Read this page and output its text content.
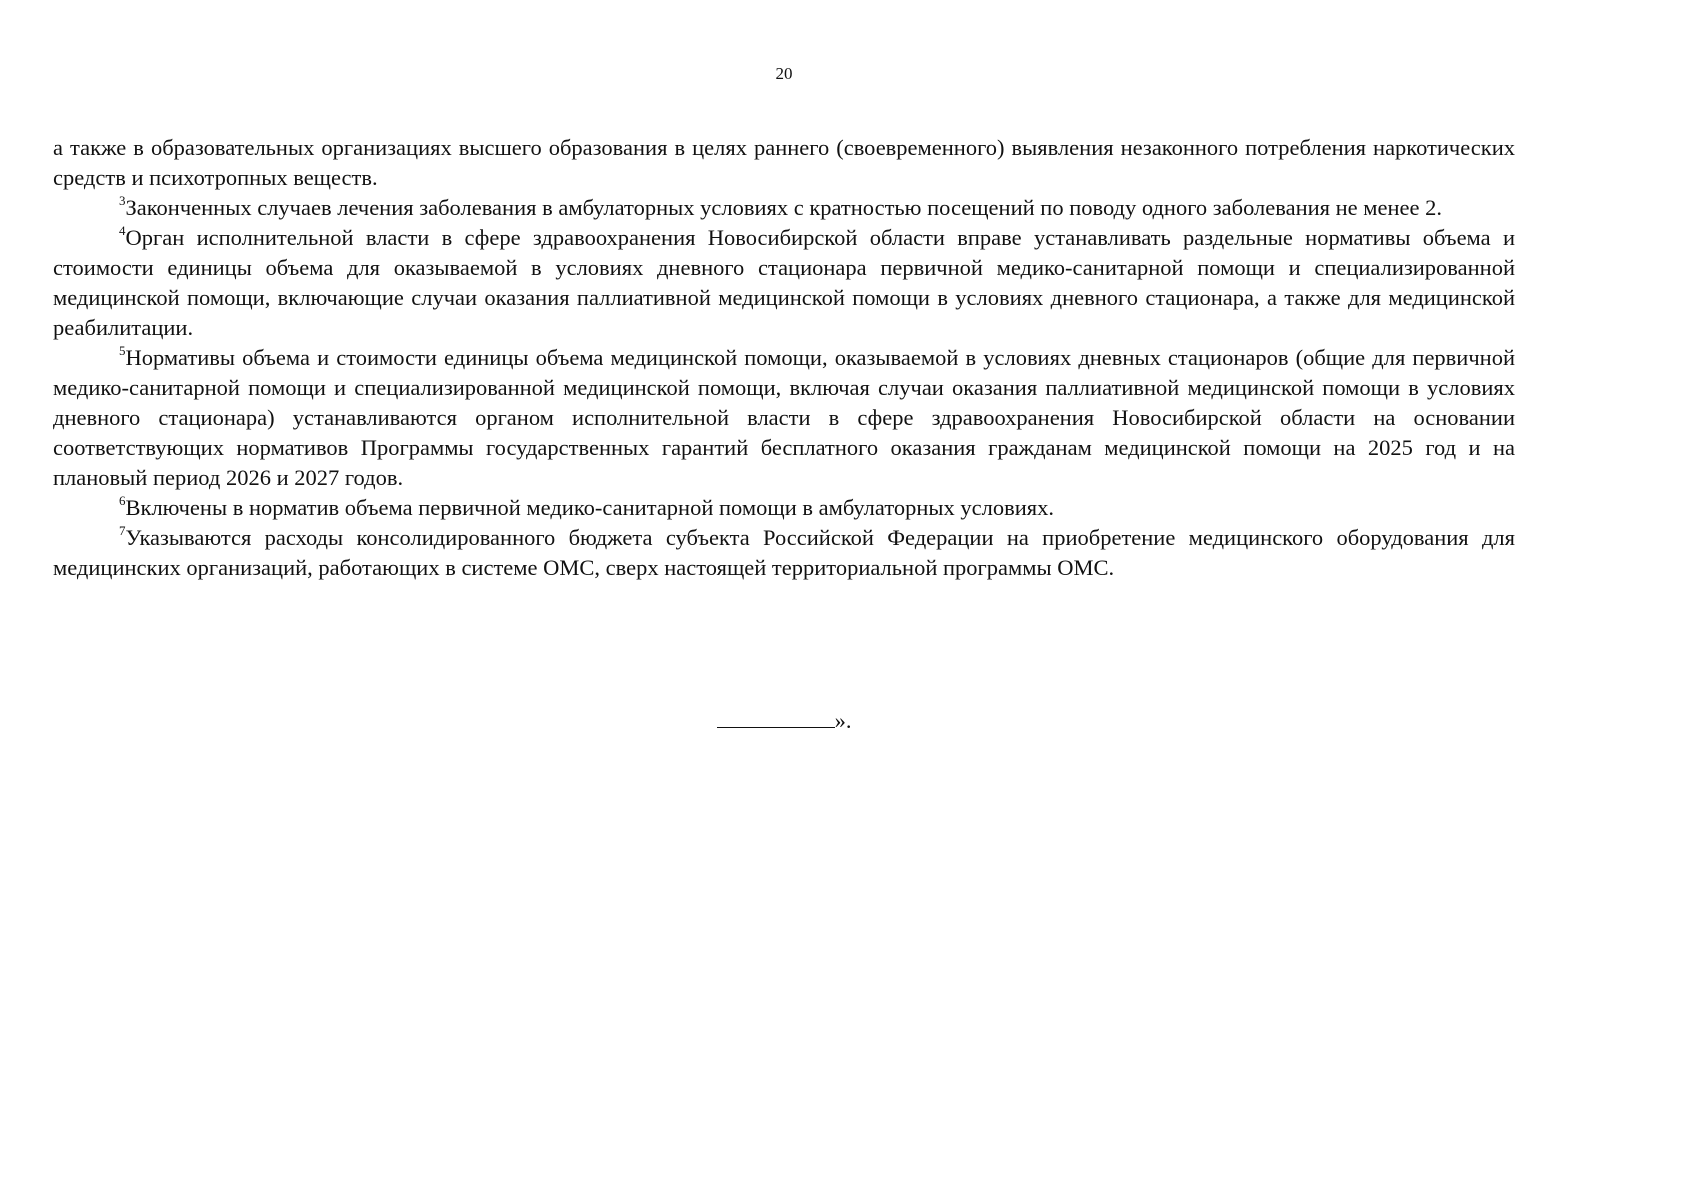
20

а также в образовательных организациях высшего образования в целях раннего (своевременного) выявления незаконного потребления наркотических средств и психотропных веществ.

$^3$Законченных случаев лечения заболевания в амбулаторных условиях с кратностью посещений по поводу одного заболевания не менее 2.

$^4$Орган исполнительной власти в сфере здравоохранения Новосибирской области вправе устанавливать раздельные нормативы объема и стоимости единицы объема для оказываемой в условиях дневного стационара первичной медико-санитарной помощи и специализированной медицинской помощи, включающие случаи оказания паллиативной медицинской помощи в условиях дневного стационара, а также для медицинской реабилитации.

$^5$Нормативы объема и стоимости единицы объема медицинской помощи, оказываемой в условиях дневных стационаров (общие для первичной медико-санитарной помощи и специализированной медицинской помощи, включая случаи оказания паллиативной медицинской помощи в условиях дневного стационара) устанавливаются органом исполнительной власти в сфере здравоохранения Новосибирской области на основании соответствующих нормативов Программы государственных гарантий бесплатного оказания гражданам медицинской помощи на 2025 год и на плановый период 2026 и 2027 годов.

$^6$Включены в норматив объема первичной медико-санитарной помощи в амбулаторных условиях.

$^7$Указываются расходы консолидированного бюджета субъекта Российской Федерации на приобретение медицинского оборудования для медицинских организаций, работающих в системе ОМС, сверх настоящей территориальной программы ОМС.

».
